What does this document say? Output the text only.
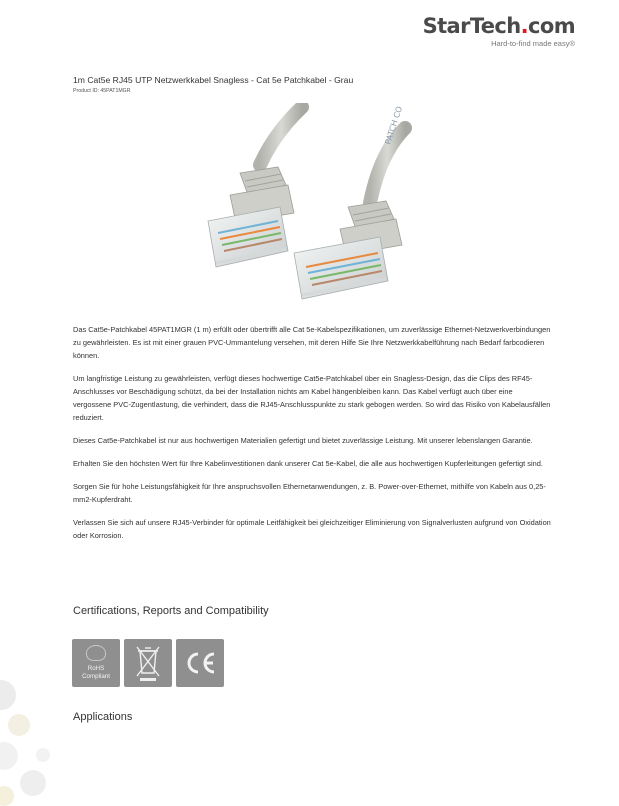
StarTech.com
Hard-to-find made easy®
1m Cat5e RJ45 UTP Netzwerkkabel Snagless - Cat 5e Patchkabel - Grau
Product ID: 45PAT1MGR
PATCH CO

Das Cat5e-Patchkabel 45PAT1MGR (1 m) erfüllt oder übertrifft alle Cat 5e-Kabelspezifikationen, um zuverlässige Ethernet-Netzwerkverbindungen zu gewährleisten. Es ist mit einer grauen PVC-Ummantelung versehen, mit deren Hilfe Sie Ihre Netzwerkkabelführung nach Bedarf farbcodieren können.

Um langfristige Leistung zu gewährleisten, verfügt dieses hochwertige Cat5e-Patchkabel über ein Snagless-Design, das die Clips des RF45-Anschlusses vor Beschädigung schützt, da bei der Installation nichts am Kabel hängenbleiben kann. Das Kabel verfügt auch über eine vergossene PVC-Zugentlastung, die verhindert, dass die RJ45-Anschlusspunkte zu stark gebogen werden. So wird das Risiko von Kabelausfällen reduziert.

Dieses Cat5e-Patchkabel ist nur aus hochwertigen Materialien gefertigt und bietet zuverlässige Leistung. Mit unserer lebenslangen Garantie.

Erhalten Sie den höchsten Wert für Ihre Kabelinvestitionen dank unserer Cat 5e-Kabel, die alle aus hochwertigen Kupferleitungen gefertigt sind.

Sorgen Sie für hohe Leistungsfähigkeit für Ihre anspruchsvollen Ethernetanwendungen, z. B. Power-over-Ethernet, mithilfe von Kabeln aus 0,25-mm2-Kupferdraht.

Verlassen Sie sich auf unsere RJ45-Verbinder für optimale Leitfähigkeit bei gleichzeitiger Eliminierung von Signalverlusten aufgrund von Oxidation oder Korrosion.

Certifications, Reports and Compatibility
RoHS
Compliant
Applications
